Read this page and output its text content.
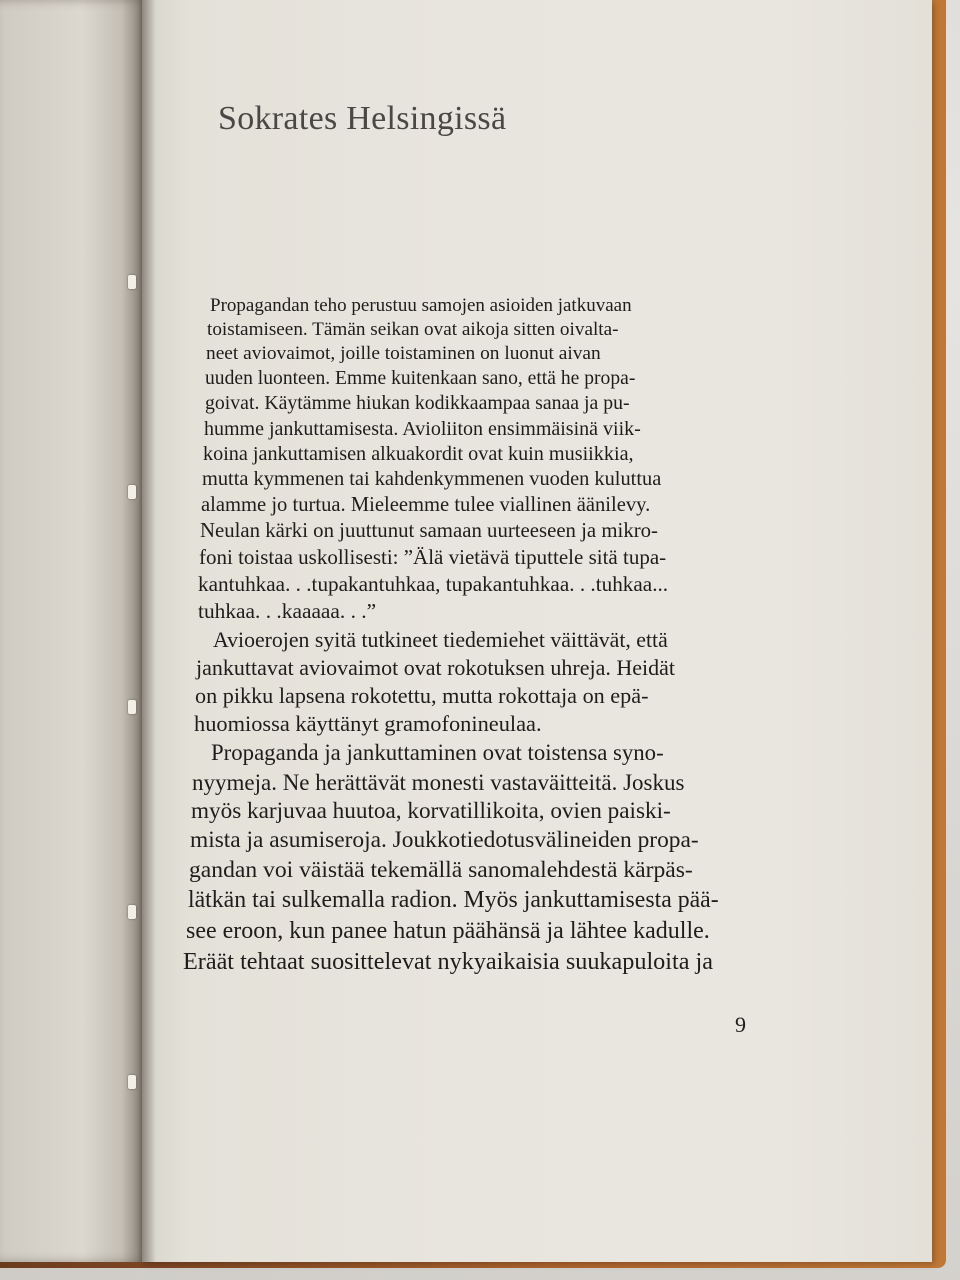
Sokrates Helsingissä

Propagandan teho perustuu samojen asioiden jatkuvaan

toistamiseen. Tämän seikan ovat aikoja sitten oivalta-

neet aviovaimot, joille toistaminen on luonut aivan

uuden luonteen. Emme kuitenkaan sano, että he propa-

goivat. Käytämme hiukan kodikkaampaa sanaa ja pu-

humme jankuttamisesta. Avioliiton ensimmäisinä viik-

koina jankuttamisen alkuakordit ovat kuin musiikkia,

mutta kymmenen tai kahdenkymmenen vuoden kuluttua

alamme jo turtua. Mieleemme tulee viallinen äänilevy.

Neulan kärki on juuttunut samaan uurteeseen ja mikro-

foni toistaa uskollisesti: ”Älä vietävä tiputtele sitä tupa-

kantuhkaa. . .tupakantuhkaa, tupakantuhkaa. . .tuhkaa...

tuhkaa. . .kaaaaa. . .”

Avioerojen syitä tutkineet tiedemiehet väittävät, että

jankuttavat aviovaimot ovat rokotuksen uhreja. Heidät

on pikku lapsena rokotettu, mutta rokottaja on epä-

huomiossa käyttänyt gramofonineulaa.

Propaganda ja jankuttaminen ovat toistensa syno-

nyymeja. Ne herättävät monesti vastaväitteitä. Joskus

myös karjuvaa huutoa, korvatillikoita, ovien paiski-

mista ja asumiseroja. Joukkotiedotusvälineiden propa-

gandan voi väistää tekemällä sanomalehdestä kärpäs-

lätkän tai sulkemalla radion. Myös jankuttamisesta pää-

see eroon, kun panee hatun päähänsä ja lähtee kadulle.

Eräät tehtaat suosittelevat nykyaikaisia suukapuloita ja

9
